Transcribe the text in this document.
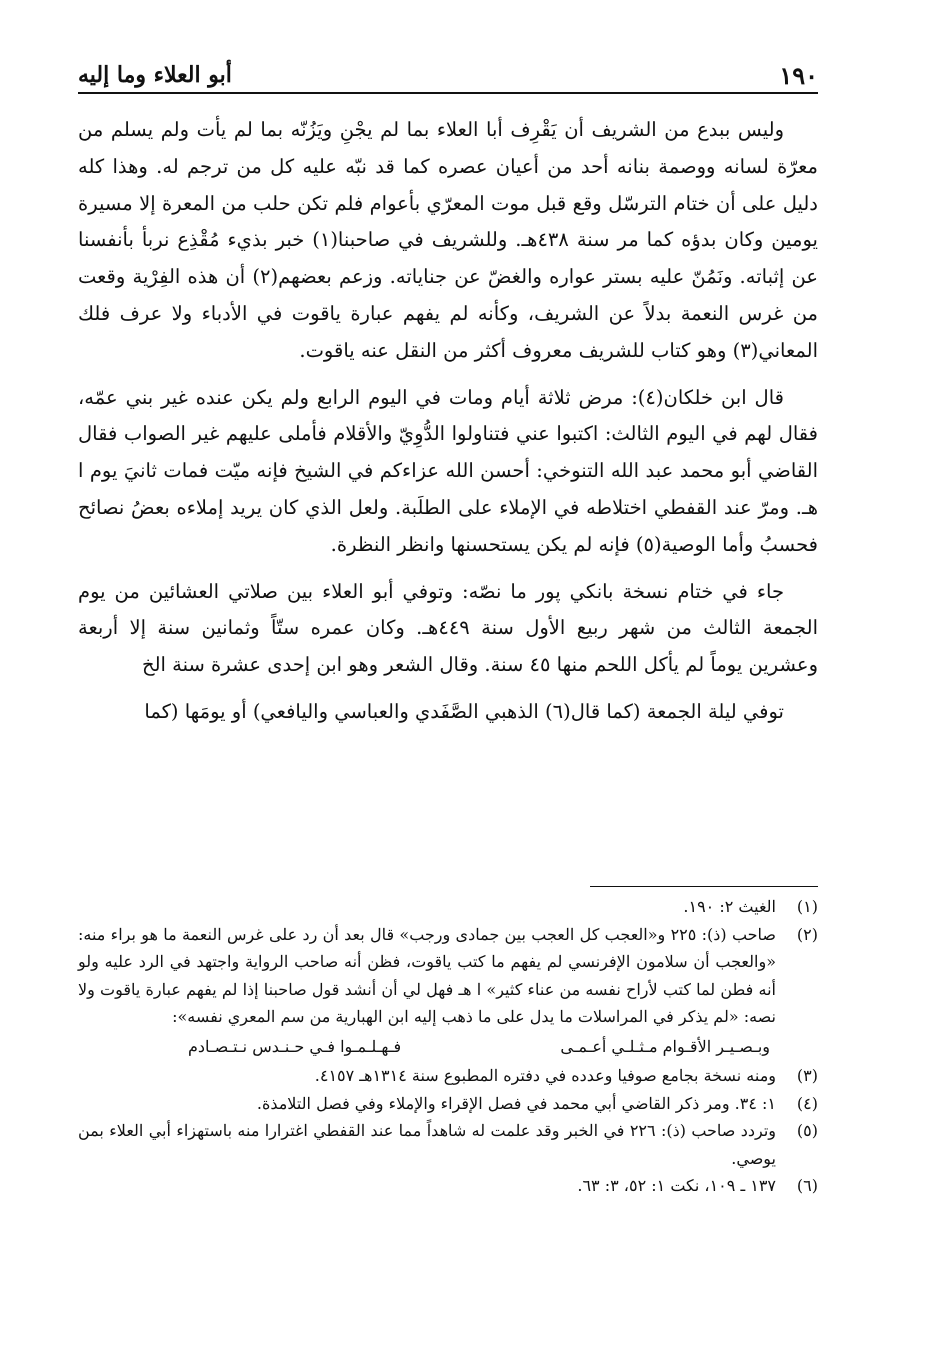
أبو العلاء وما إليه	١٩٠

وليس ببدع من الشريف أن يَقْرِف أبا العلاء بما لم يجْنِ ويَزُنّه بما لم يأت ولم يسلم من معرّة لسانه ووصمة بنانه أحد من أعيان عصره كما قد نبّه عليه كل من ترجم له. وهذا كله دليل على أن ختام الترسّل وقع قبل موت المعرّي بأعوام فلم تكن حلب من المعرة إلا مسيرة يومين وكان بدؤه كما مر سنة ٤٣٨هـ. وللشريف في صاحبنا(١) خبر بذيء مُقْذِع نربأ بأنفسنا عن إثباته. ونَمُنّ عليه بستر عواره والغضّ عن جناياته. وزعم بعضهم(٢) أن هذه الفِرْية وقعت من غرس النعمة بدلاً عن الشريف، وكأنه لم يفهم عبارة ياقوت في الأدباء ولا عرف فلك المعاني(٣) وهو كتاب للشريف معروف أكثر من النقل عنه ياقوت.

قال ابن خلكان(٤): مرض ثلاثة أيام ومات في اليوم الرابع ولم يكن عنده غير بني عمّه، فقال لهم في اليوم الثالث: اكتبوا عني فتناولوا الدُّوِيّ والأقلام فأملى عليهم غير الصواب فقال القاضي أبو محمد عبد الله التنوخي: أحسن الله عزاءكم في الشيخ فإنه ميّت فمات ثانيَ يوم ا هـ. ومرّ عند القفطي اختلاطه في الإملاء على الطلَبة. ولعل الذي كان يريد إملاءه بعضُ نصائح فحسبُ وأما الوصية(٥) فإنه لم يكن يستحسنها وانظر النظرة.

جاء في ختام نسخة بانكي پور ما نصّه: وتوفي أبو العلاء بين صلاتي العشائين من يوم الجمعة الثالث من شهر ربيع الأول سنة ٤٤٩هـ. وكان عمره ستّاً وثمانين سنة إلا أربعة وعشرين يوماً لم يأكل اللحم منها ٤٥ سنة. وقال الشعر وهو ابن إحدى عشرة سنة الخ

توفي ليلة الجمعة (كما قال(٦) الذهبي الصَّفَدي والعباسي واليافعي) أو يومَها (كما

(١)
الغيث ٢: ١٩٠.
(٢)
صاحب (ذ): ٢٢٥ و«العجب كل العجب بين جمادى ورجب» قال بعد أن رد على غرس النعمة ما هو براء منه: «والعجب أن سلامون الإفرنسي لم يفهم ما كتب ياقوت، فظن أنه صاحب الرواية واجتهد في الرد عليه ولو أنه فطن لما كتب لأراح نفسه من عناء كثير» ا هـ فهل لي أن أنشد قول صاحبنا إذا لم يفهم عبارة ياقوت ولا نصه: «لم يذكر في المراسلات ما يدل على ما ذهب إليه ابن الهبارية من سم المعري نفسه»:
وبـصـيـر الأقـوام مـثـلـي أعـمـى
فـهـلـمـوا فـي حـنـدس نـتـصـادم
(٣)
ومنه نسخة بجامع صوفيا وعدده في دفتره المطبوع سنة ١٣١٤هـ ٤١٥٧.
(٤)
١: ٣٤. ومر ذكر القاضي أبي محمد في فصل الإقراء والإملاء وفي فصل التلامذة.
(٥)
وتردد صاحب (ذ): ٢٢٦ في الخبر وقد علمت له شاهداً مما عند القفطي اغترارا منه باستهزاء أبي العلاء بمن يوصي.
(٦)
١٣٧ ـ ١٠٩، نكت ١: ٥٢، ٣: ٦٣.
